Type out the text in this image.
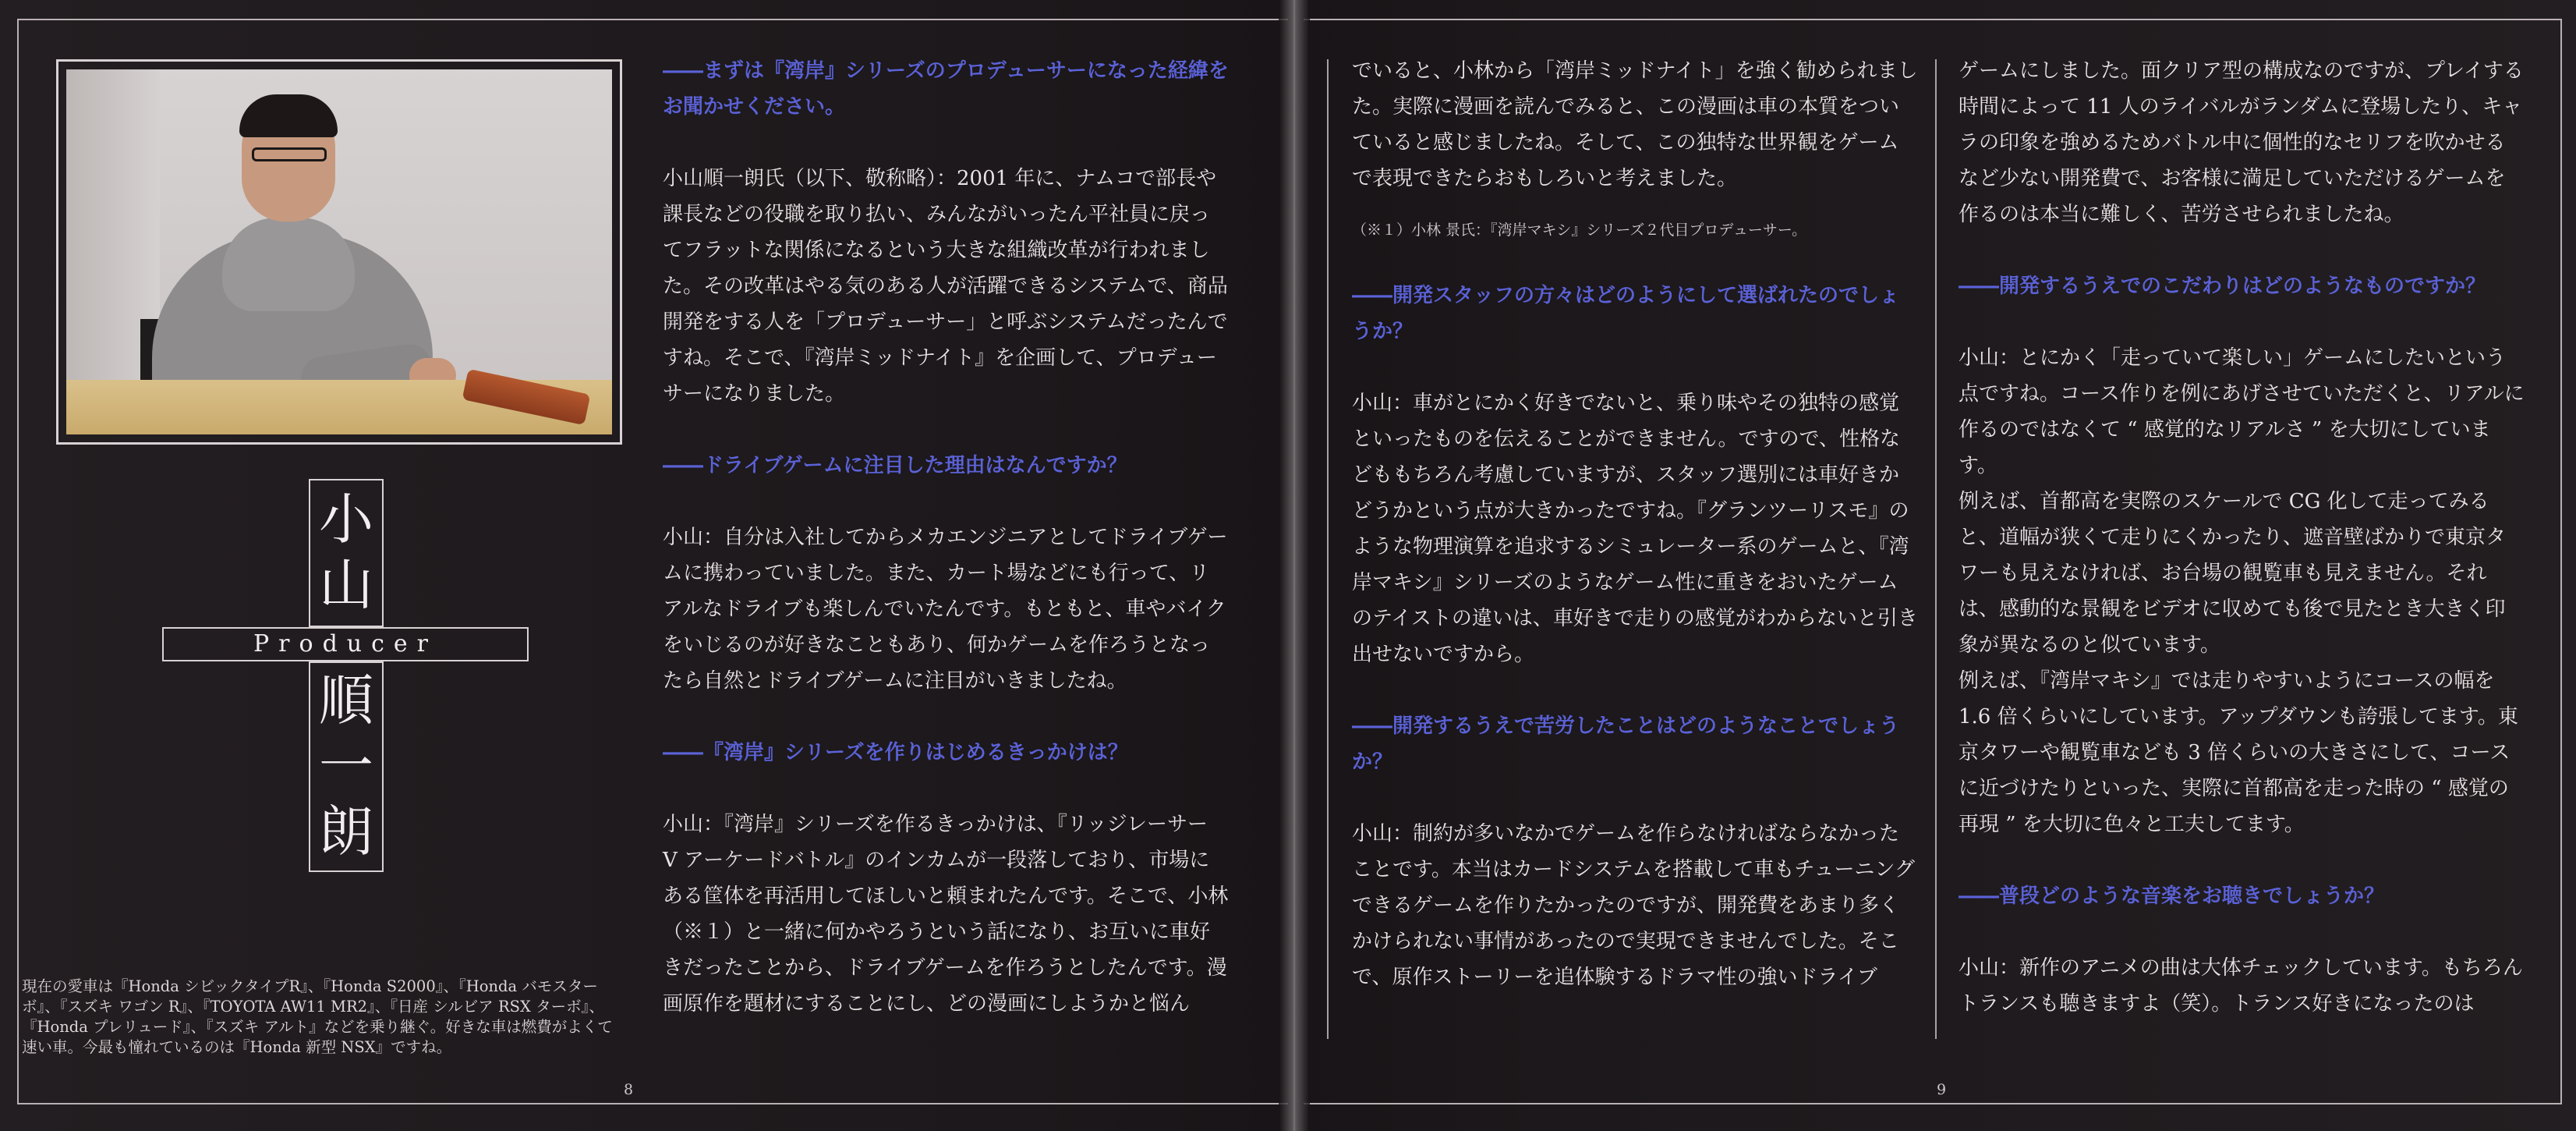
小
山
Producer
順
一
朗
現在の愛車は『Honda シビックタイプR』、『Honda S2000』、『Honda バモスターボ』、『スズキ ワゴン R』、『TOYOTA AW11 MR2』、『日産 シルビア RSX ターボ』、『Honda プレリュード』、『スズキ アルト』などを乗り継ぐ。好きな車は燃費がよくて速い車。今最も憧れているのは『Honda 新型 NSX』ですね。
8
――まずは『湾岸』シリーズのプロデューサーになった経緯をお聞かせください。
小山順一朗氏（以下、敬称略）：2001 年に、ナムコで部長や課長などの役職を取り払い、みんながいったん平社員に戻ってフラットな関係になるという大きな組織改革が行われました。その改革はやる気のある人が活躍できるシステムで、商品開発をする人を「プロデューサー」と呼ぶシステムだったんですね。そこで、『湾岸ミッドナイト』を企画して、プロデューサーになりました。
――ドライブゲームに注目した理由はなんですか？
小山：自分は入社してからメカエンジニアとしてドライブゲームに携わっていました。また、カート場などにも行って、リアルなドライブも楽しんでいたんです。もともと、車やバイクをいじるのが好きなこともあり、何かゲームを作ろうとなったら自然とドライブゲームに注目がいきましたね。
――『湾岸』シリーズを作りはじめるきっかけは？
小山：『湾岸』シリーズを作るきっかけは、『リッジレーサー V アーケードバトル』のインカムが一段落しており、市場にある筐体を再活用してほしいと頼まれたんです。そこで、小林（※１）と一緒に何かやろうという話になり、お互いに車好きだったことから、ドライブゲームを作ろうとしたんです。漫画原作を題材にすることにし、どの漫画にしようかと悩ん
でいると、小林から「湾岸ミッドナイト」を強く勧められました。実際に漫画を読んでみると、この漫画は車の本質をついていると感じましたね。そして、この独特な世界観をゲームで表現できたらおもしろいと考えました。
（※１）小林 景氏：『湾岸マキシ』シリーズ２代目プロデューサー。
――開発スタッフの方々はどのようにして選ばれたのでしょうか？
小山：車がとにかく好きでないと、乗り味やその独特の感覚といったものを伝えることができません。ですので、性格などももちろん考慮していますが、スタッフ選別には車好きかどうかという点が大きかったですね。『グランツーリスモ』のような物理演算を追求するシミュレーター系のゲームと、『湾岸マキシ』シリーズのようなゲーム性に重きをおいたゲームのテイストの違いは、車好きで走りの感覚がわからないと引き出せないですから。
――開発するうえで苦労したことはどのようなことでしょうか？
小山：制約が多いなかでゲームを作らなければならなかったことです。本当はカードシステムを搭載して車もチューニングできるゲームを作りたかったのですが、開発費をあまり多くかけられない事情があったので実現できませんでした。そこで、原作ストーリーを追体験するドラマ性の強いドライブ
ゲームにしました。面クリア型の構成なのですが、プレイする時間によって 11 人のライバルがランダムに登場したり、キャラの印象を強めるためバトル中に個性的なセリフを吹かせるなど少ない開発費で、お客様に満足していただけるゲームを作るのは本当に難しく、苦労させられましたね。
――開発するうえでのこだわりはどのようなものですか？
小山：とにかく「走っていて楽しい」ゲームにしたいという点ですね。コース作りを例にあげさせていただくと、リアルに作るのではなくて “ 感覚的なリアルさ ” を大切にしています。
例えば、首都高を実際のスケールで CG 化して走ってみると、道幅が狭くて走りにくかったり、遮音壁ばかりで東京タワーも見えなければ、お台場の観覧車も見えません。それは、感動的な景観をビデオに収めても後で見たとき大きく印象が異なるのと似ています。
例えば、『湾岸マキシ』では走りやすいようにコースの幅を 1.6 倍くらいにしています。アップダウンも誇張してます。東京タワーや観覧車なども 3 倍くらいの大きさにして、コースに近づけたりといった、実際に首都高を走った時の “ 感覚の再現 ” を大切に色々と工夫してます。
――普段どのような音楽をお聴きでしょうか？
小山：新作のアニメの曲は大体チェックしています。もちろんトランスも聴きますよ（笑）。トランス好きになったのは
9
